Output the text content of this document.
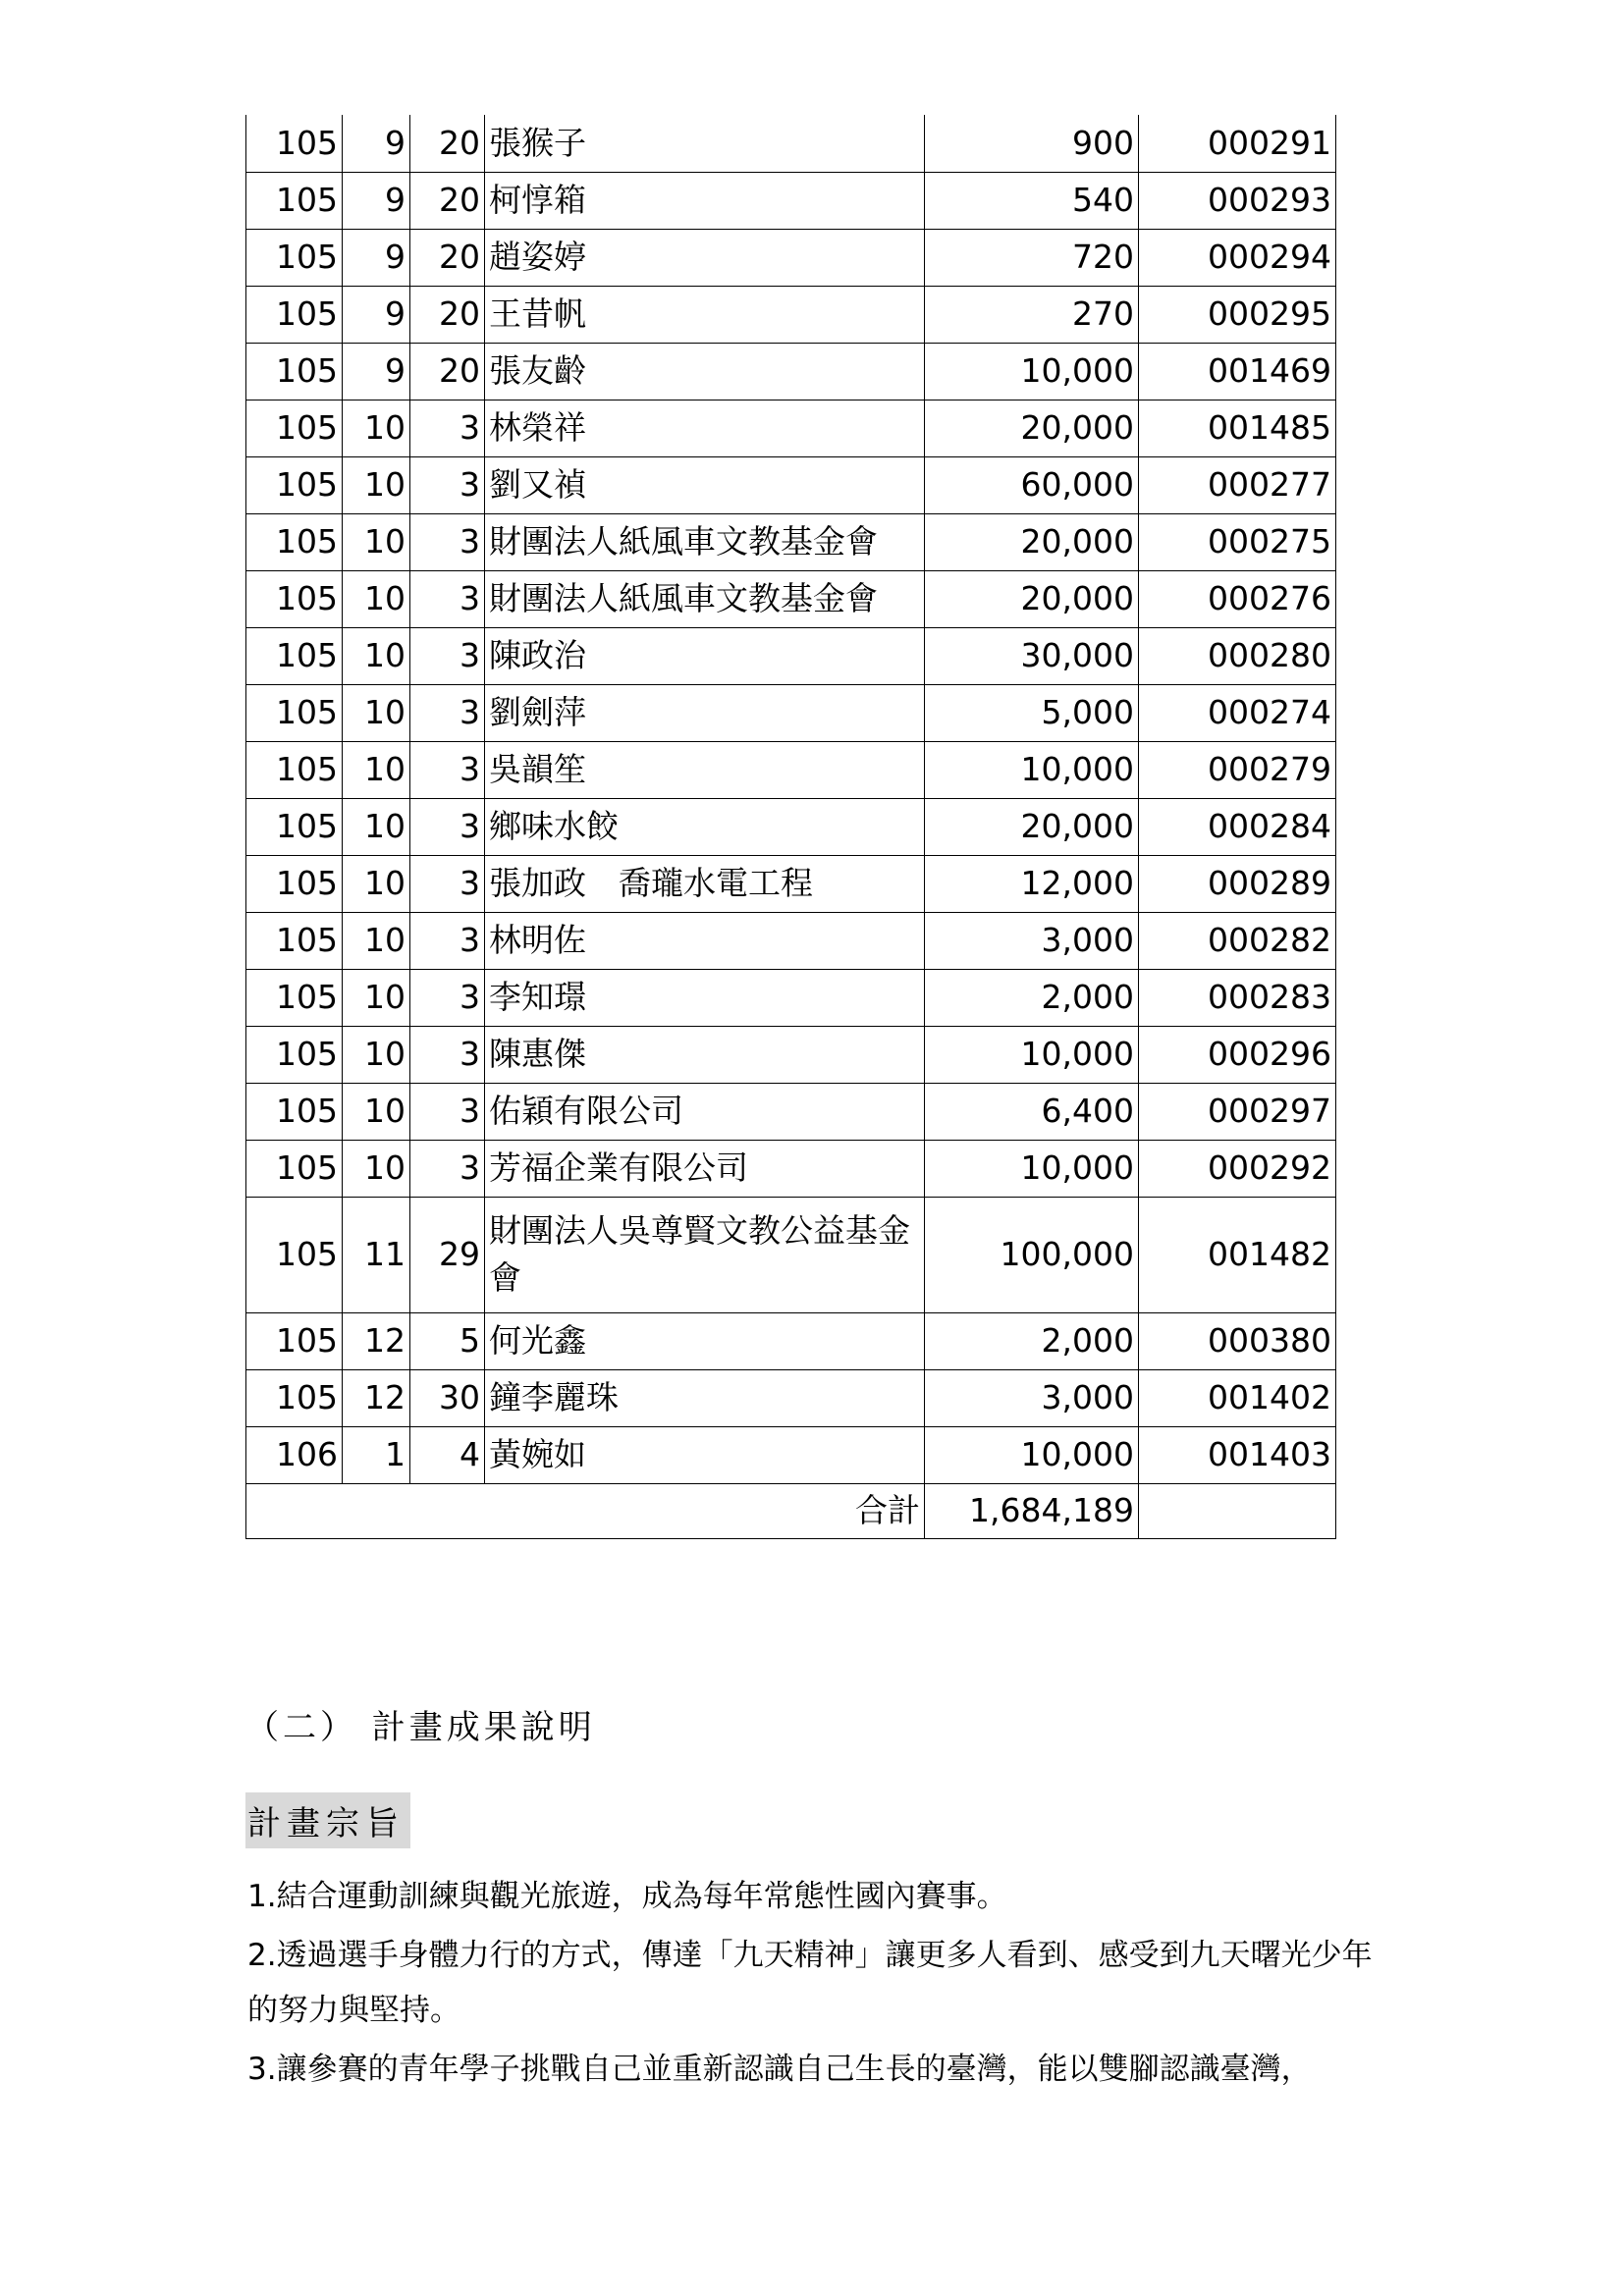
105	9	20	張猴子	900	000291
105	9	20	柯惇箱	540	000293
105	9	20	趙姿婷	720	000294
105	9	20	王昔帆	270	000295
105	9	20	張友齡	10,000	001469
105	10	3	林榮祥	20,000	001485
105	10	3	劉又禎	60,000	000277
105	10	3	財團法人紙風車文教基金會	20,000	000275
105	10	3	財團法人紙風車文教基金會	20,000	000276
105	10	3	陳政治	30,000	000280
105	10	3	劉劍萍	5,000	000274
105	10	3	吳韻笙	10,000	000279
105	10	3	鄉味水餃	20,000	000284
105	10	3	張加政　喬瓏水電工程	12,000	000289
105	10	3	林明佐	3,000	000282
105	10	3	李知璟	2,000	000283
105	10	3	陳惠傑	10,000	000296
105	10	3	佑穎有限公司	6,400	000297
105	10	3	芳福企業有限公司	10,000	000292
105	11	29	財團法人吳尊賢文教公益基金會	100,000	001482
105	12	5	何光鑫	2,000	000380
105	12	30	鐘李麗珠	3,000	001402
106	1	4	黃婉如	10,000	001403
合計				1,684,189	
（二） 計畫成果說明
計畫宗旨

1.結合運動訓練與觀光旅遊，成為每年常態性國內賽事。

2.透過選手身體力行的方式，傳達「九天精神」讓更多人看到、感受到九天曙光少年的努力與堅持。

3.讓參賽的青年學子挑戰自己並重新認識自己生長的臺灣，能以雙腳認識臺灣，
